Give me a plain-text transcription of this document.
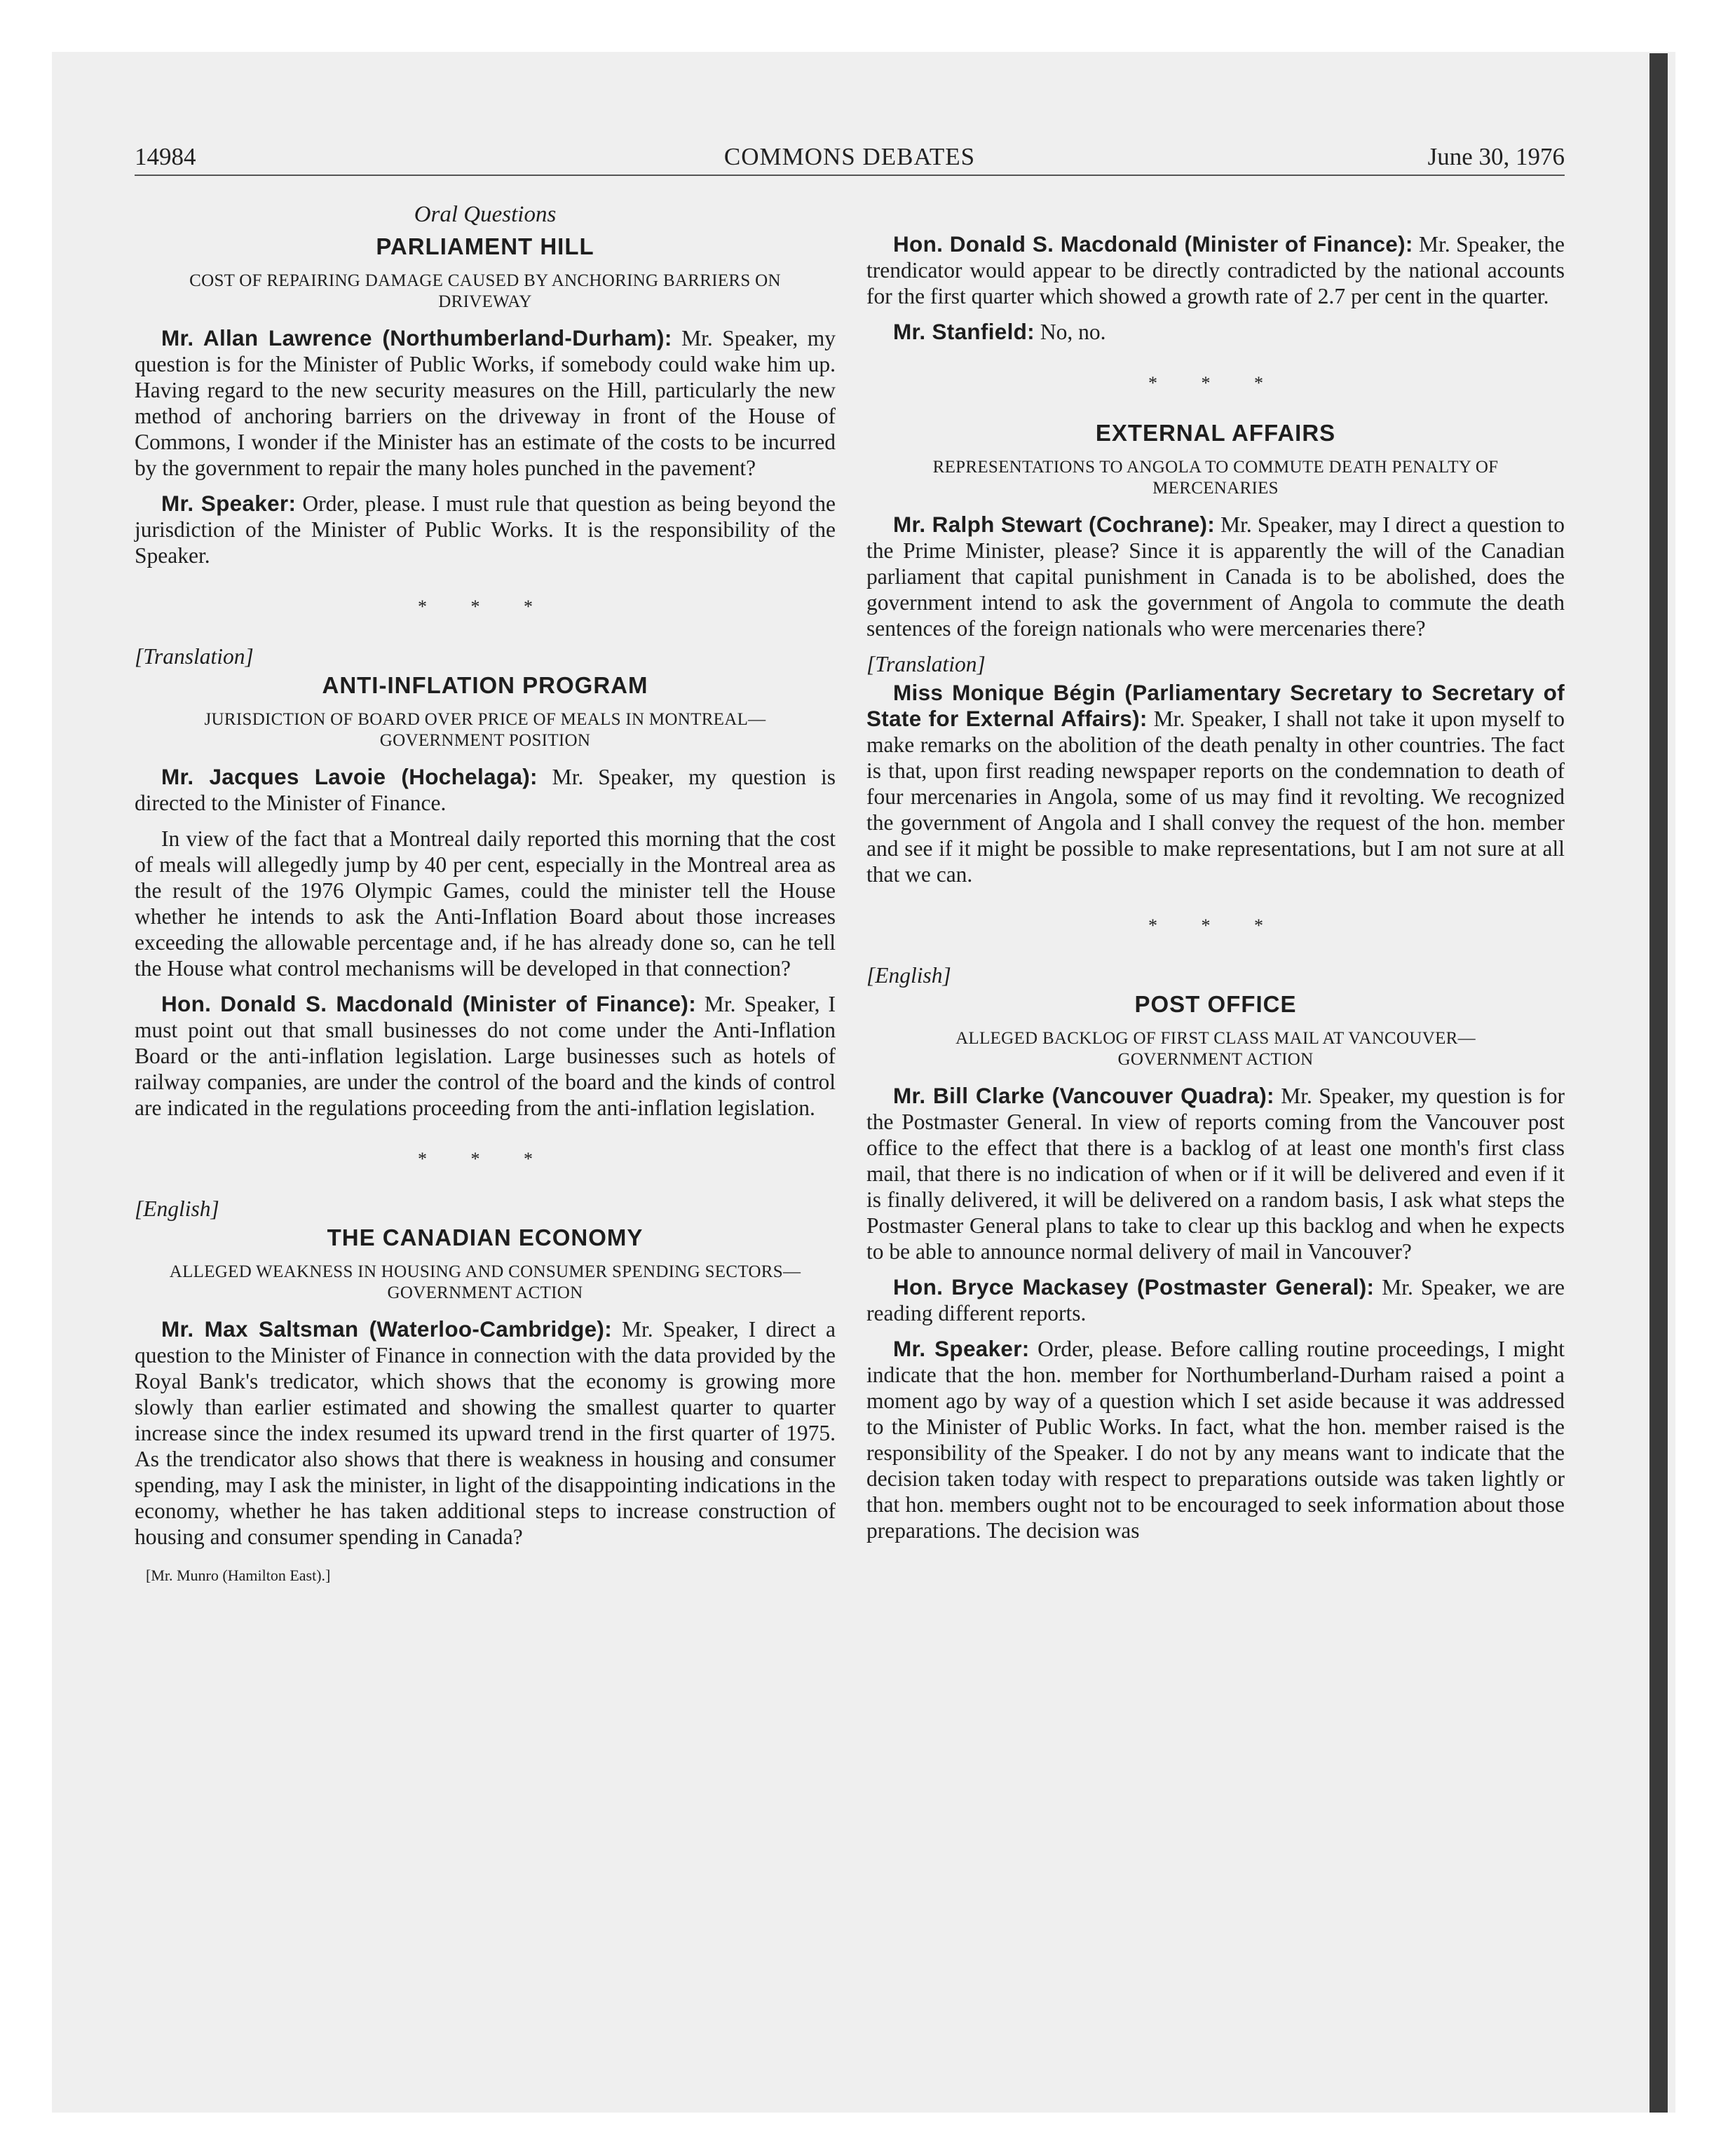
COMMONS DEBATES
14984	June 30, 1976
Oral Questions
PARLIAMENT HILL
COST OF REPAIRING DAMAGE CAUSED BY ANCHORING BARRIERS ON DRIVEWAY

Mr. Allan Lawrence (Northumberland-Durham): Mr. Speaker, my question is for the Minister of Public Works, if somebody could wake him up. Having regard to the new security measures on the Hill, particularly the new method of anchoring barriers on the driveway in front of the House of Commons, I wonder if the Minister has an estimate of the costs to be incurred by the government to repair the many holes punched in the pavement?

Mr. Speaker: Order, please. I must rule that question as being beyond the jurisdiction of the Minister of Public Works. It is the responsibility of the Speaker.

* * *
[Translation]
ANTI-INFLATION PROGRAM
JURISDICTION OF BOARD OVER PRICE OF MEALS IN MONTREAL—GOVERNMENT POSITION

Mr. Jacques Lavoie (Hochelaga): Mr. Speaker, my question is directed to the Minister of Finance.

In view of the fact that a Montreal daily reported this morning that the cost of meals will allegedly jump by 40 per cent, especially in the Montreal area as the result of the 1976 Olympic Games, could the minister tell the House whether he intends to ask the Anti-Inflation Board about those increases exceeding the allowable percentage and, if he has already done so, can he tell the House what control mechanisms will be developed in that connection?

Hon. Donald S. Macdonald (Minister of Finance): Mr. Speaker, I must point out that small businesses do not come under the Anti-Inflation Board or the anti-inflation legislation. Large businesses such as hotels of railway companies, are under the control of the board and the kinds of control are indicated in the regulations proceeding from the anti-inflation legislation.

* * *
[English]
THE CANADIAN ECONOMY
ALLEGED WEAKNESS IN HOUSING AND CONSUMER SPENDING SECTORS—GOVERNMENT ACTION

Mr. Max Saltsman (Waterloo-Cambridge): Mr. Speaker, I direct a question to the Minister of Finance in connection with the data provided by the Royal Bank's tredicator, which shows that the economy is growing more slowly than earlier estimated and showing the smallest quarter to quarter increase since the index resumed its upward trend in the first quarter of 1975. As the trendicator also shows that there is weakness in housing and consumer spending, may I ask the minister, in light of the disappointing indications in the economy, whether he has taken additional steps to increase construction of housing and consumer spending in Canada?

[Mr. Munro (Hamilton East).]

Hon. Donald S. Macdonald (Minister of Finance): Mr. Speaker, the trendicator would appear to be directly contradicted by the national accounts for the first quarter which showed a growth rate of 2.7 per cent in the quarter.

Mr. Stanfield: No, no.

* * *
EXTERNAL AFFAIRS
REPRESENTATIONS TO ANGOLA TO COMMUTE DEATH PENALTY OF MERCENARIES

Mr. Ralph Stewart (Cochrane): Mr. Speaker, may I direct a question to the Prime Minister, please? Since it is apparently the will of the Canadian parliament that capital punishment in Canada is to be abolished, does the government intend to ask the government of Angola to commute the death sentences of the foreign nationals who were mercenaries there?

[Translation]

Miss Monique Bégin (Parliamentary Secretary to Secretary of State for External Affairs): Mr. Speaker, I shall not take it upon myself to make remarks on the abolition of the death penalty in other countries. The fact is that, upon first reading newspaper reports on the condemnation to death of four mercenaries in Angola, some of us may find it revolting. We recognized the government of Angola and I shall convey the request of the hon. member and see if it might be possible to make representations, but I am not sure at all that we can.

* * *
[English]
POST OFFICE
ALLEGED BACKLOG OF FIRST CLASS MAIL AT VANCOUVER—GOVERNMENT ACTION

Mr. Bill Clarke (Vancouver Quadra): Mr. Speaker, my question is for the Postmaster General. In view of reports coming from the Vancouver post office to the effect that there is a backlog of at least one month's first class mail, that there is no indication of when or if it will be delivered and even if it is finally delivered, it will be delivered on a random basis, I ask what steps the Postmaster General plans to take to clear up this backlog and when he expects to be able to announce normal delivery of mail in Vancouver?

Hon. Bryce Mackasey (Postmaster General): Mr. Speaker, we are reading different reports.

Mr. Speaker: Order, please. Before calling routine proceedings, I might indicate that the hon. member for Northumberland-Durham raised a point a moment ago by way of a question which I set aside because it was addressed to the Minister of Public Works. In fact, what the hon. member raised is the responsibility of the Speaker. I do not by any means want to indicate that the decision taken today with respect to preparations outside was taken lightly or that hon. members ought not to be encouraged to seek information about those preparations. The decision was
